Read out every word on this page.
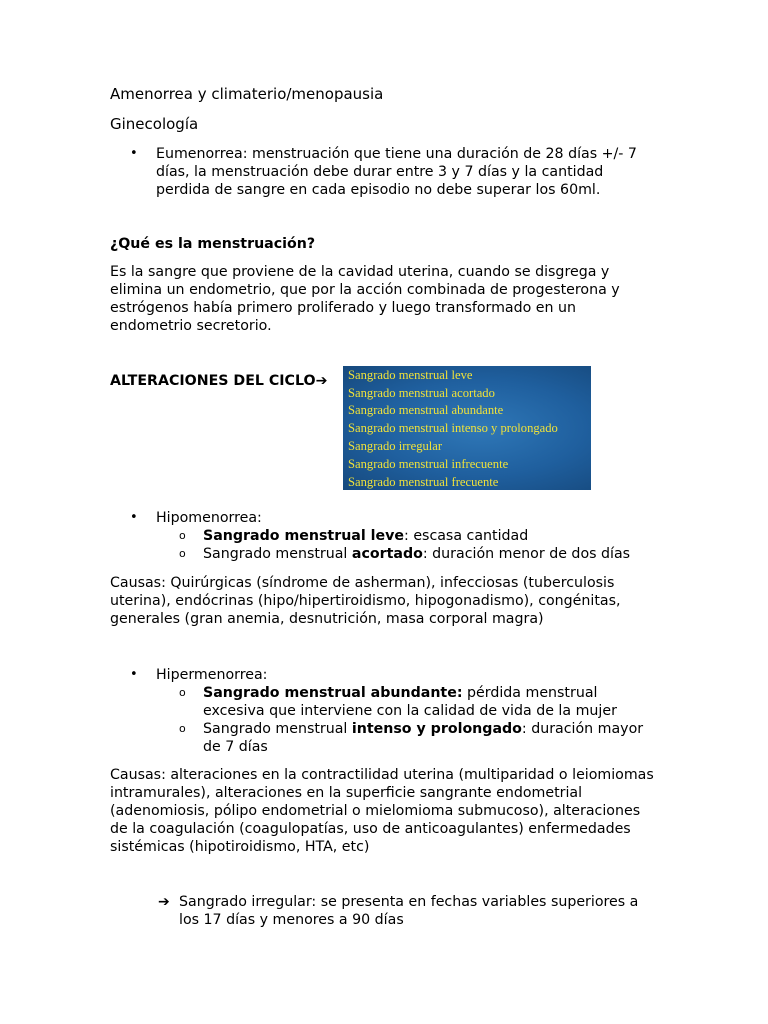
Amenorrea y climaterio/menopausia
Ginecología
• Eumenorrea: menstruación que tiene una duración de 28 días +/- 7 días, la menstruación debe durar entre 3 y 7 días y la cantidad perdida de sangre en cada episodio no debe superar los 60ml.
¿Qué es la menstruación?
Es la sangre que proviene de la cavidad uterina, cuando se disgrega y elimina un endometrio, que por la acción combinada de progesterona y estrógenos había primero proliferado y luego transformado en un endometrio secretorio.
ALTERACIONES DEL CICLO➔ Sangrado menstrual leve
Sangrado menstrual acortado
Sangrado menstrual abundante
Sangrado menstrual intenso y prolongado
Sangrado irregular
Sangrado menstrual infrecuente
Sangrado menstrual frecuente
• Hipomenorrea:
o Sangrado menstrual leve: escasa cantidad
o Sangrado menstrual acortado: duración menor de dos días
Causas: Quirúrgicas (síndrome de asherman), infecciosas (tuberculosis uterina), endócrinas (hipo/hipertiroidismo, hipogonadismo), congénitas, generales (gran anemia, desnutrición, masa corporal magra)
• Hipermenorrea:
o Sangrado menstrual abundante: pérdida menstrual excesiva que interviene con la calidad de vida de la mujer
o Sangrado menstrual intenso y prolongado: duración mayor de 7 días
Causas: alteraciones en la contractilidad uterina (multiparidad o leiomiomas intramurales), alteraciones en la superficie sangrante endometrial (adenomiosis, pólipo endometrial o mielomioma submucoso), alteraciones de la coagulación (coagulopatías, uso de anticoagulantes) enfermedades sistémicas (hipotiroidismo, HTA, etc)
➔ Sangrado irregular: se presenta en fechas variables superiores a los 17 días y menores a 90 días
